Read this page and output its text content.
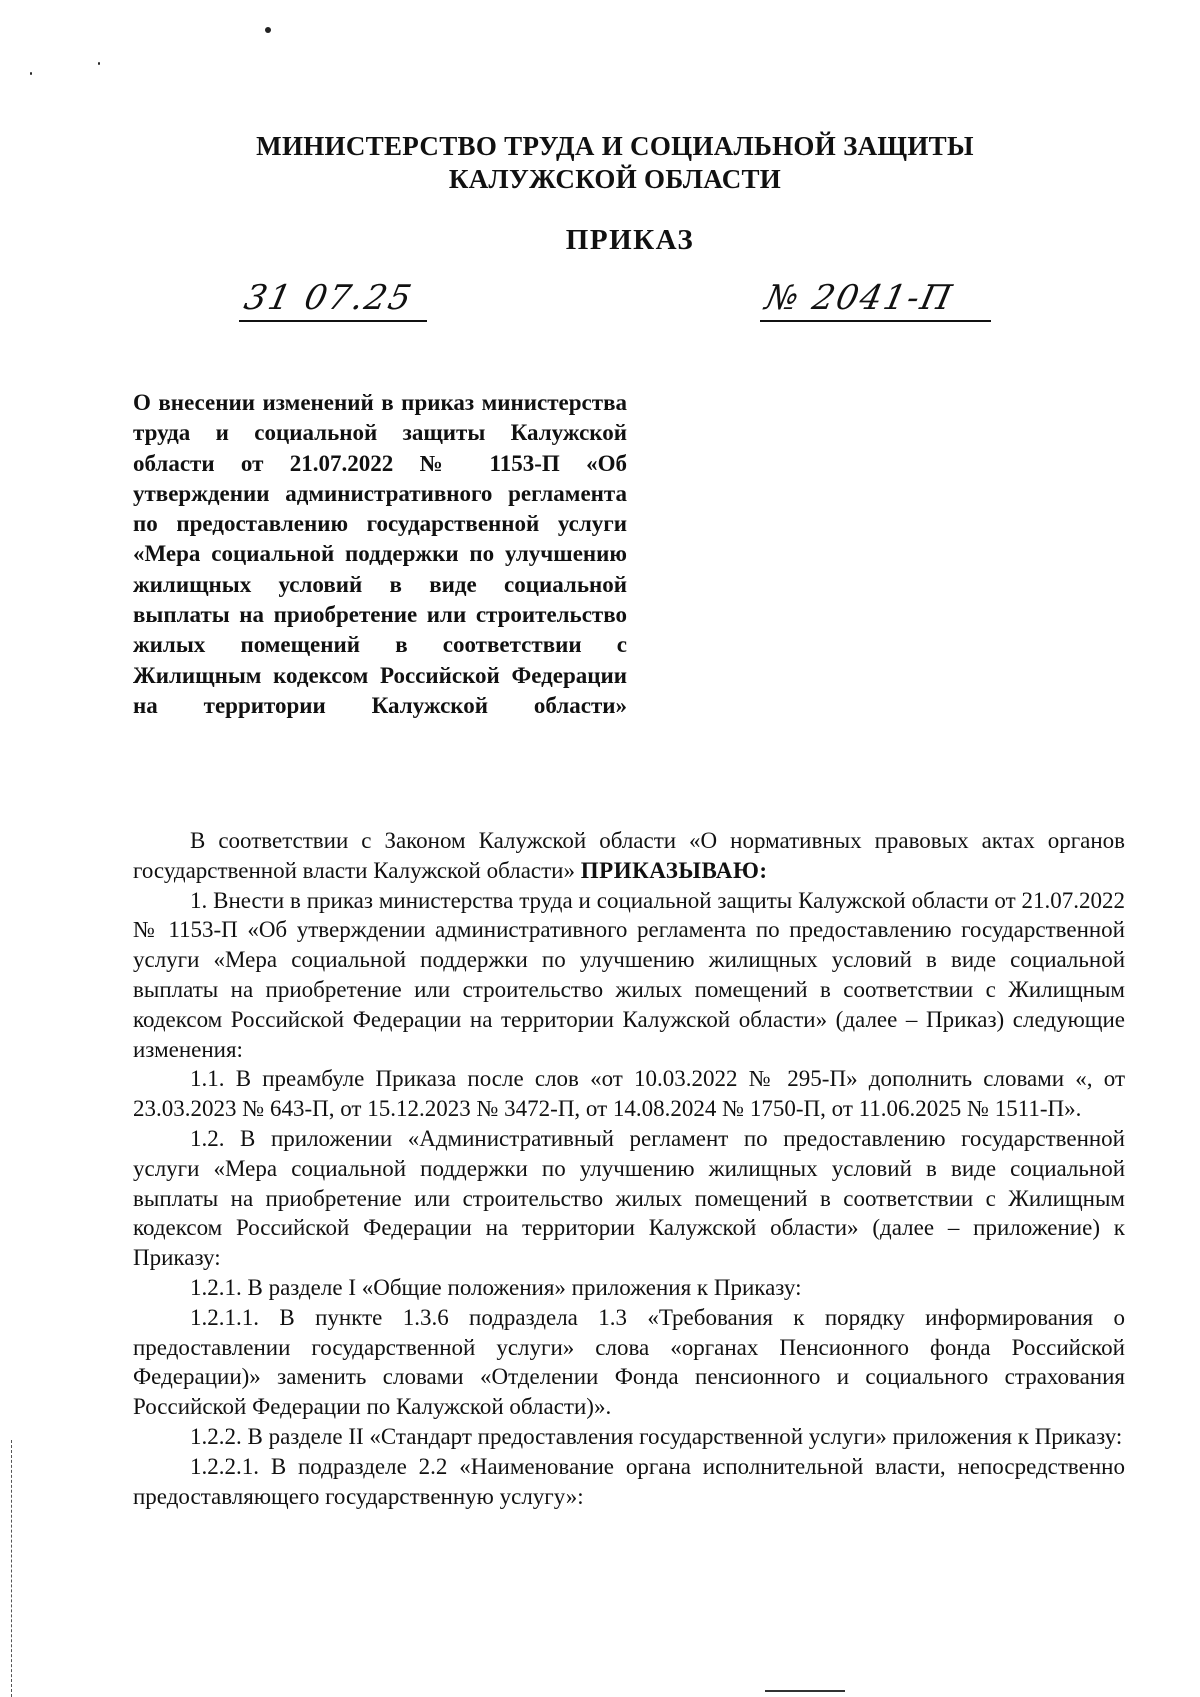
МИНИСТЕРСТВО ТРУДА И СОЦИАЛЬНОЙ ЗАЩИТЫ
КАЛУЖСКОЙ ОБЛАСТИ
ПРИКАЗ
31 07.25	№ 2041-П
О внесении изменений в приказ министерства труда и социальной защиты Калужской области от 21.07.2022 № 1153-П «Об утверждении административного регламента по предоставлению государственной услуги «Мера социальной поддержки по улучшению жилищных условий в виде социальной выплаты на приобретение или строительство жилых помещений в соответствии с Жилищным кодексом Российской Федерации на территории Калужской области»
В соответствии с Законом Калужской области «О нормативных правовых актах органов государственной власти Калужской области» ПРИКАЗЫВАЮ:
1. Внести в приказ министерства труда и социальной защиты Калужской области от 21.07.2022 № 1153-П «Об утверждении административного регламента по предоставлению государственной услуги «Мера социальной поддержки по улучшению жилищных условий в виде социальной выплаты на приобретение или строительство жилых помещений в соответствии с Жилищным кодексом Российской Федерации на территории Калужской области» (далее – Приказ) следующие изменения:
1.1. В преамбуле Приказа после слов «от 10.03.2022 № 295-П» дополнить словами «, от 23.03.2023 № 643-П, от 15.12.2023 № 3472-П, от 14.08.2024 № 1750-П, от 11.06.2025 № 1511-П».
1.2. В приложении «Административный регламент по предоставлению государственной услуги «Мера социальной поддержки по улучшению жилищных условий в виде социальной выплаты на приобретение или строительство жилых помещений в соответствии с Жилищным кодексом Российской Федерации на территории Калужской области» (далее – приложение) к Приказу:
1.2.1. В разделе I «Общие положения» приложения к Приказу:
1.2.1.1. В пункте 1.3.6 подраздела 1.3 «Требования к порядку информирования о предоставлении государственной услуги» слова «органах Пенсионного фонда Российской Федерации)» заменить словами «Отделении Фонда пенсионного и социального страхования Российской Федерации по Калужской области)».
1.2.2. В разделе II «Стандарт предоставления государственной услуги» приложения к Приказу:
1.2.2.1. В подразделе 2.2 «Наименование органа исполнительной власти, непосредственно предоставляющего государственную услугу»:
